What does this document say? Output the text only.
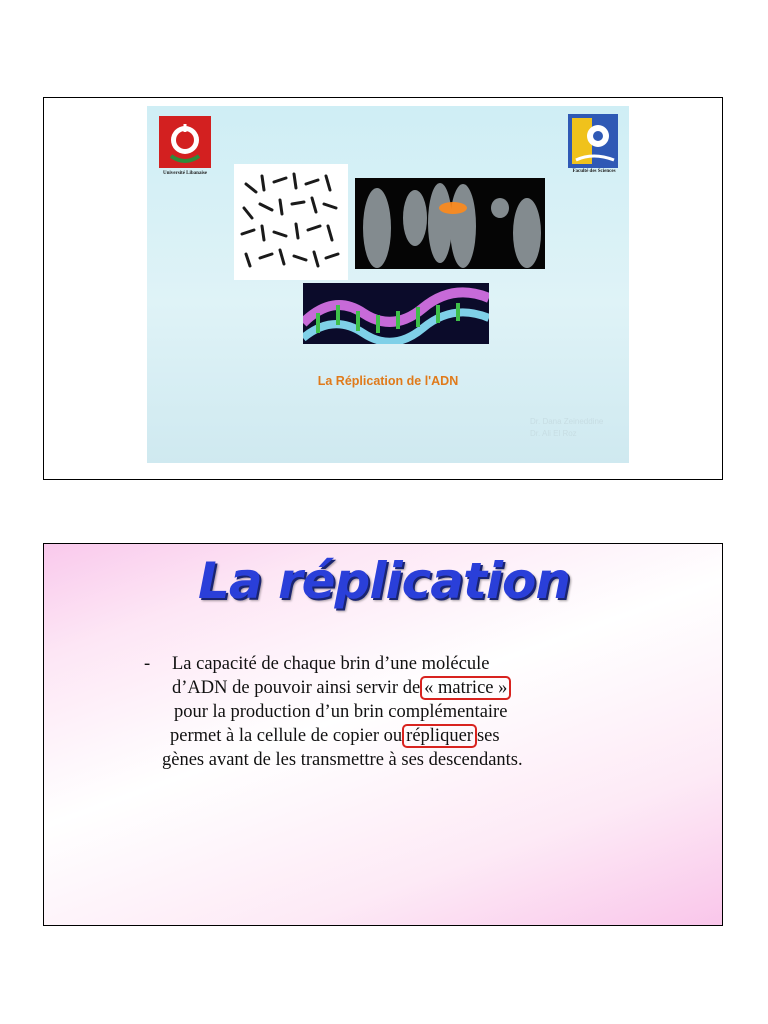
Université Libanaise	Faculté des Sciences
La Réplication de l'ADN
Dr. Dana Zeineddine
Dr. Ali El Roz
La réplication
- La capacité de chaque brin d’une molécule
d’ADN de pouvoir ainsi servir de « matrice »
pour la production d’un brin complémentaire
permet à la cellule de copier ou répliquer ses
gènes avant de les transmettre à ses descendants.
